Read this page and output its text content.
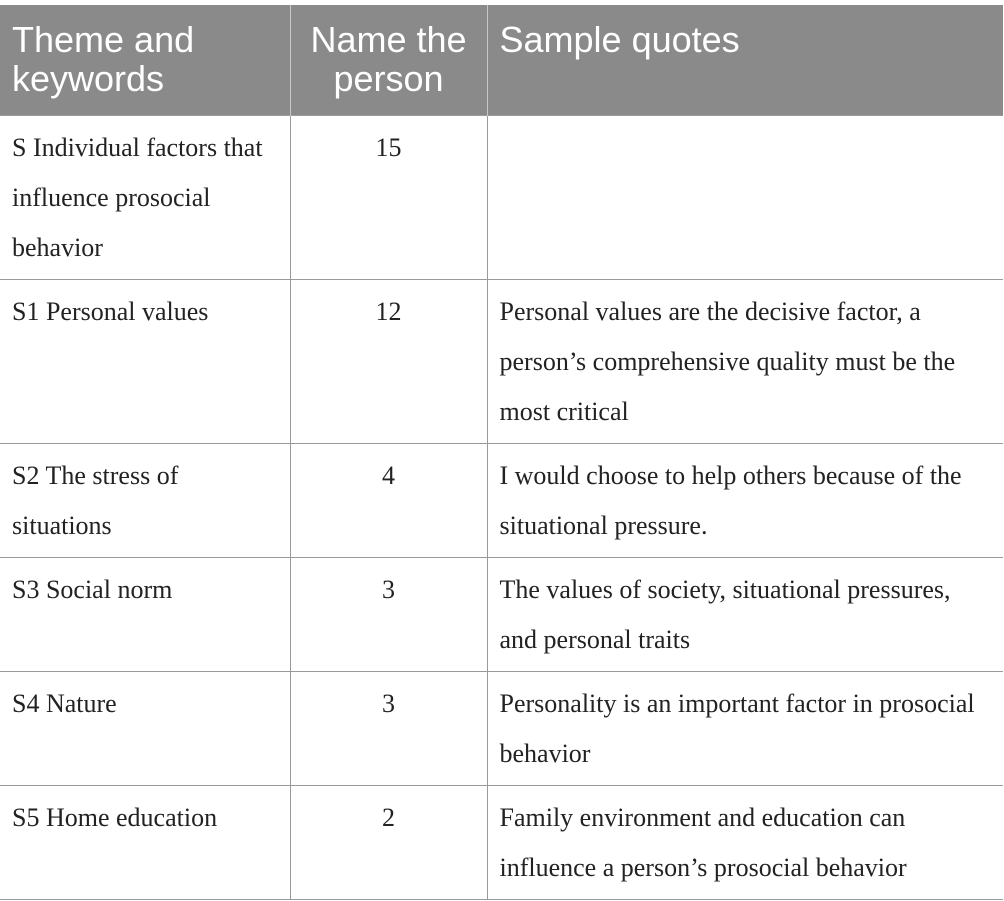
Theme and keywords	Name the person	Sample quotes
S Individual factors that influence prosocial behavior	15	
S1 Personal values	12	Personal values are the decisive factor, a person’s comprehensive quality must be the most critical
S2 The stress of situations	4	I would choose to help others because of the situational pressure.
S3 Social norm	3	The values of society, situational pressures, and personal traits
S4 Nature	3	Personality is an important factor in prosocial behavior
S5 Home education	2	Family environment and education can influence a person’s prosocial behavior
